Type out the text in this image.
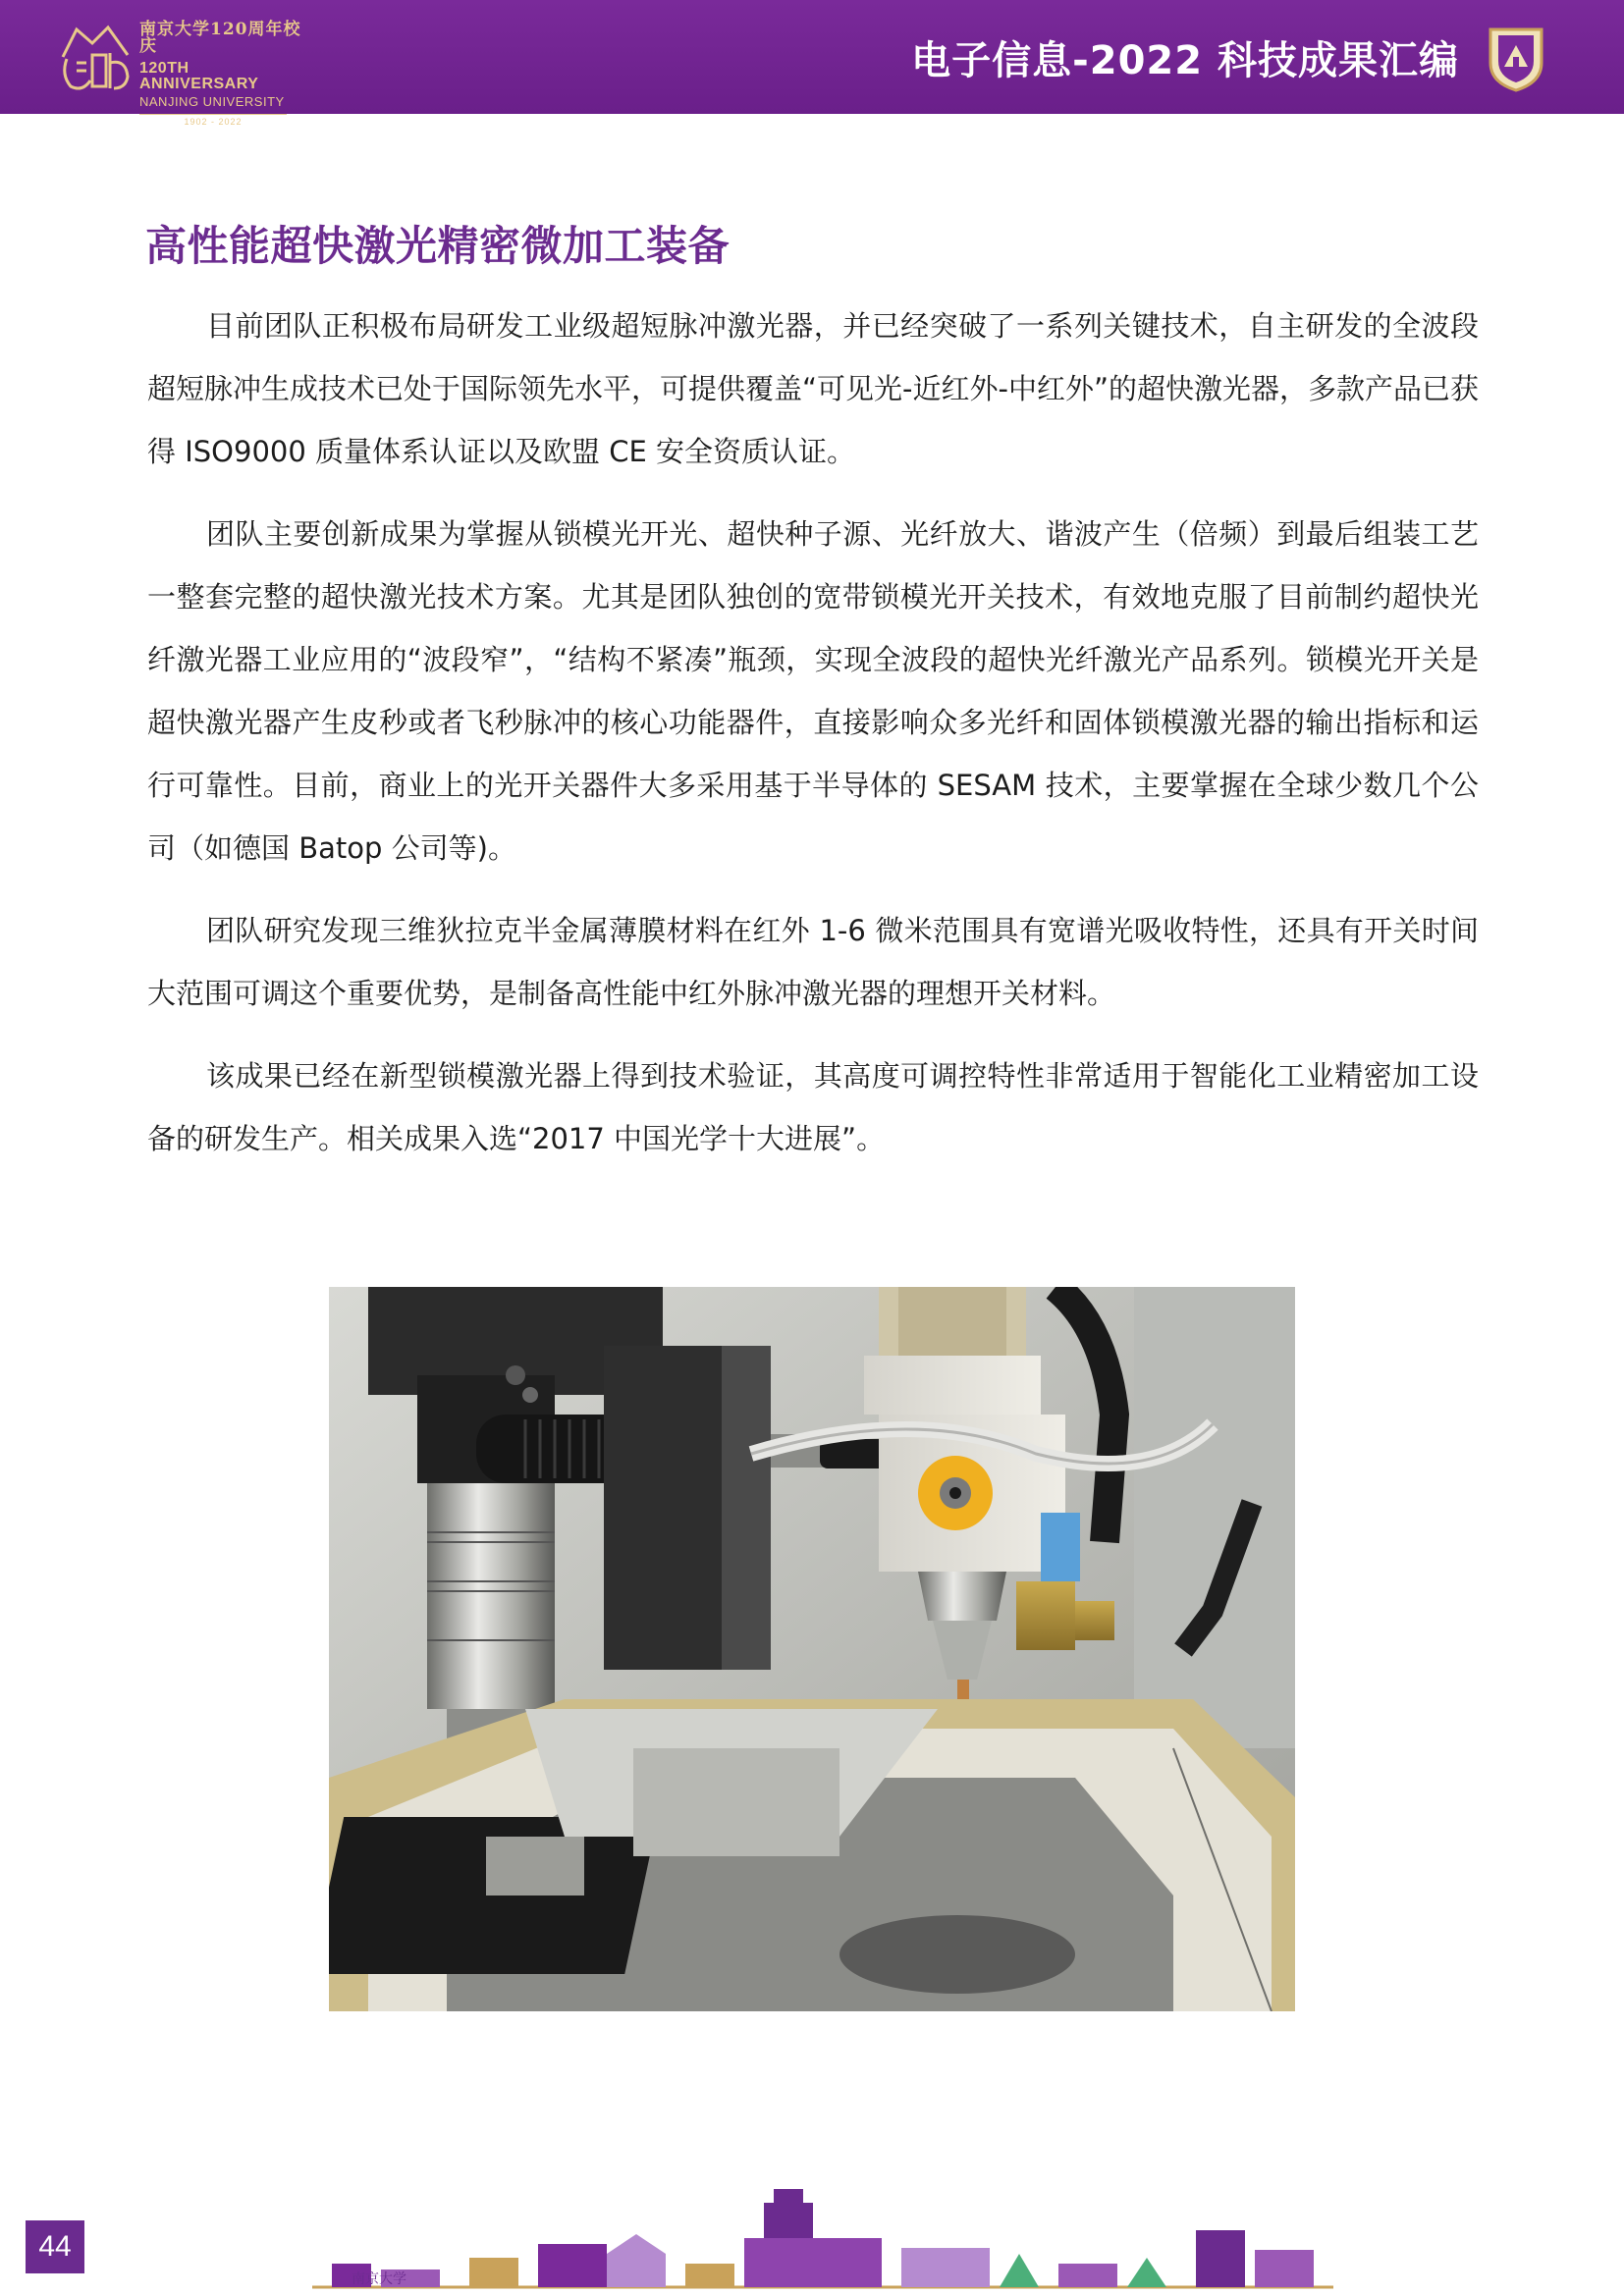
南京大学120周年校庆
120TH ANNIVERSARY
NANJING UNIVERSITY
1902 - 2022
电子信息-2022 科技成果汇编
高性能超快激光精密微加工装备

目前团队正积极布局研发工业级超短脉冲激光器，并已经突破了一系列关键技术，自主研发的全波段超短脉冲生成技术已处于国际领先水平，可提供覆盖“可见光-近红外-中红外”的超快激光器，多款产品已获得 ISO9000 质量体系认证以及欧盟 CE 安全资质认证。

团队主要创新成果为掌握从锁模光开光、超快种子源、光纤放大、谐波产生（倍频）到最后组装工艺一整套完整的超快激光技术方案。尤其是团队独创的宽带锁模光开关技术，有效地克服了目前制约超快光纤激光器工业应用的“波段窄”，“结构不紧凑”瓶颈，实现全波段的超快光纤激光产品系列。锁模光开关是超快激光器产生皮秒或者飞秒脉冲的核心功能器件，直接影响众多光纤和固体锁模激光器的输出指标和运行可靠性。目前，商业上的光开关器件大多采用基于半导体的 SESAM 技术，主要掌握在全球少数几个公司（如德国 Batop 公司等)。

团队研究发现三维狄拉克半金属薄膜材料在红外 1-6 微米范围具有宽谱光吸收特性，还具有开关时间大范围可调这个重要优势，是制备高性能中红外脉冲激光器的理想开关材料。

该成果已经在新型锁模激光器上得到技术验证，其高度可调控特性非常适用于智能化工业精密加工设备的研发生产。相关成果入选“2017 中国光学十大进展”。

44
南京大学
